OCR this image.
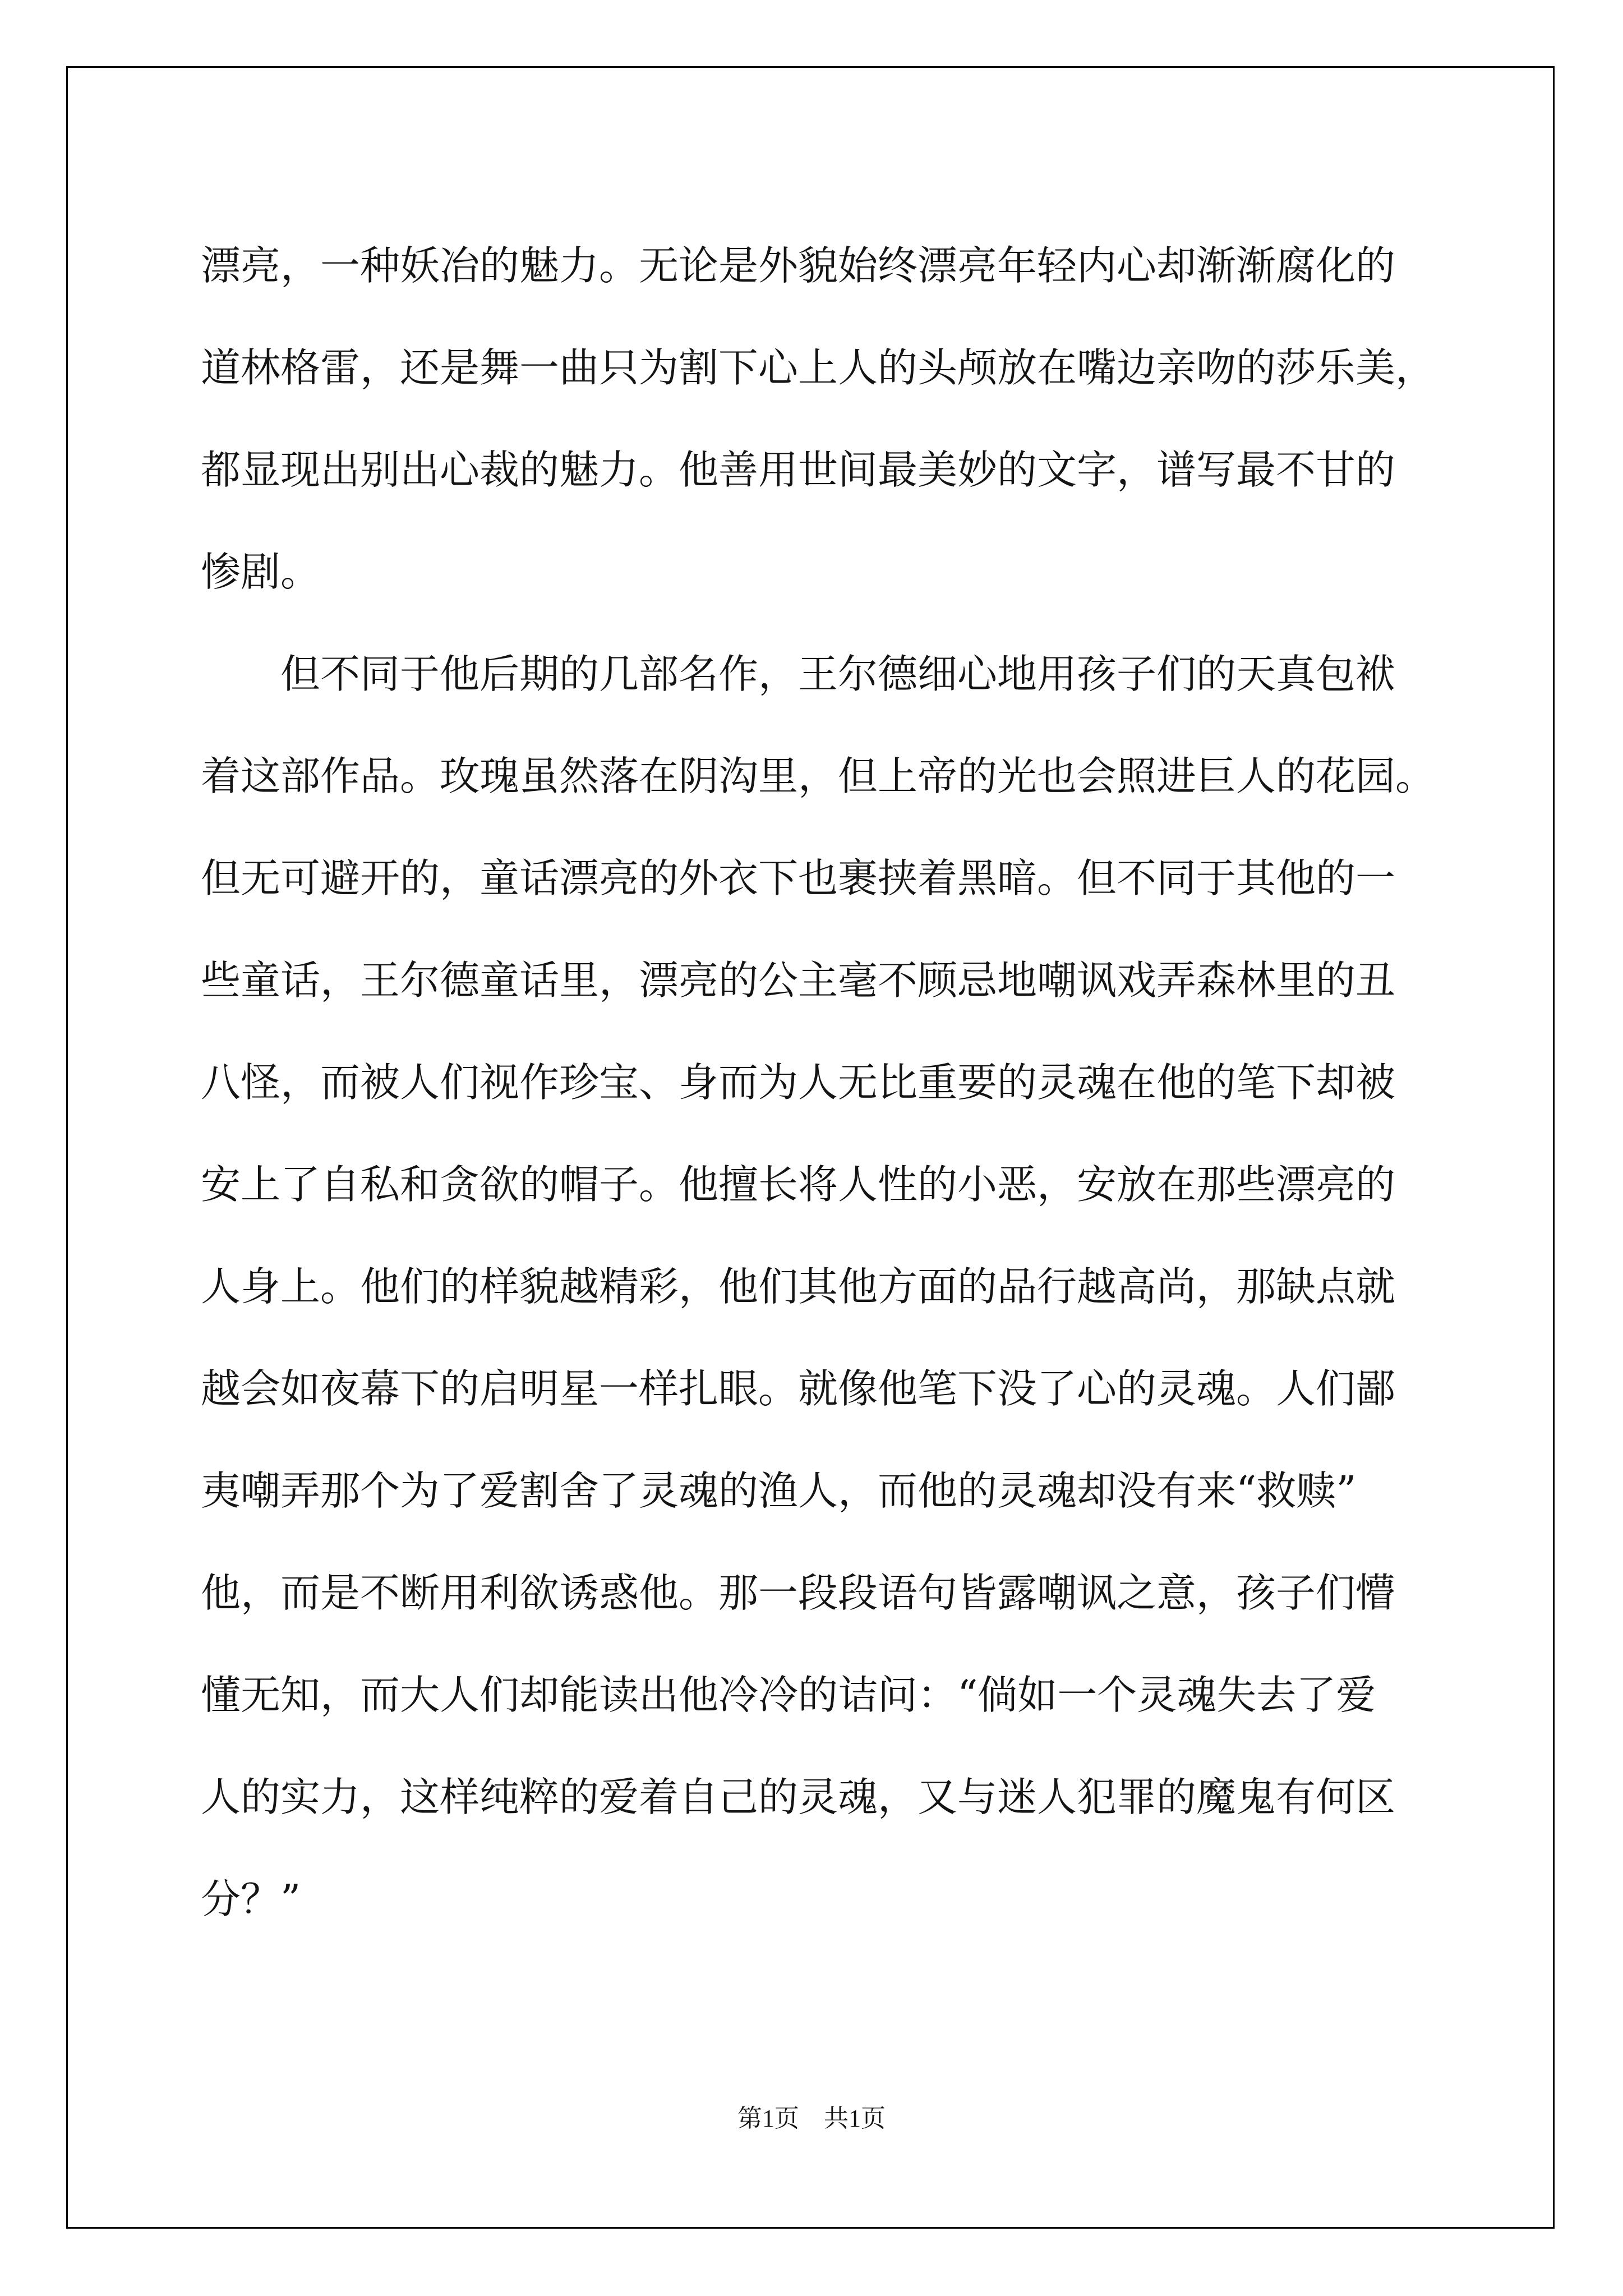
漂亮，一种妖冶的魅力。无论是外貌始终漂亮年轻内心却渐渐腐化的
道林格雷，还是舞一曲只为割下心上人的头颅放在嘴边亲吻的莎乐美，
都显现出别出心裁的魅力。他善用世间最美妙的文字，谱写最不甘的
惨剧。
　　但不同于他后期的几部名作，王尔德细心地用孩子们的天真包袱
着这部作品。玫瑰虽然落在阴沟里，但上帝的光也会照进巨人的花园。
但无可避开的，童话漂亮的外衣下也裹挟着黑暗。但不同于其他的一
些童话，王尔德童话里，漂亮的公主毫不顾忌地嘲讽戏弄森林里的丑
八怪，而被人们视作珍宝、身而为人无比重要的灵魂在他的笔下却被
安上了自私和贪欲的帽子。他擅长将人性的小恶，安放在那些漂亮的
人身上。他们的样貌越精彩，他们其他方面的品行越高尚，那缺点就
越会如夜幕下的启明星一样扎眼。就像他笔下没了心的灵魂。人们鄙
夷嘲弄那个为了爱割舍了灵魂的渔人，而他的灵魂却没有来“救赎”
他，而是不断用利欲诱惑他。那一段段语句皆露嘲讽之意，孩子们懵
懂无知，而大人们却能读出他冷冷的诘问：“倘如一个灵魂失去了爱
人的实力，这样纯粹的爱着自己的灵魂，又与迷人犯罪的魔鬼有何区
分？”
第1页　共1页
